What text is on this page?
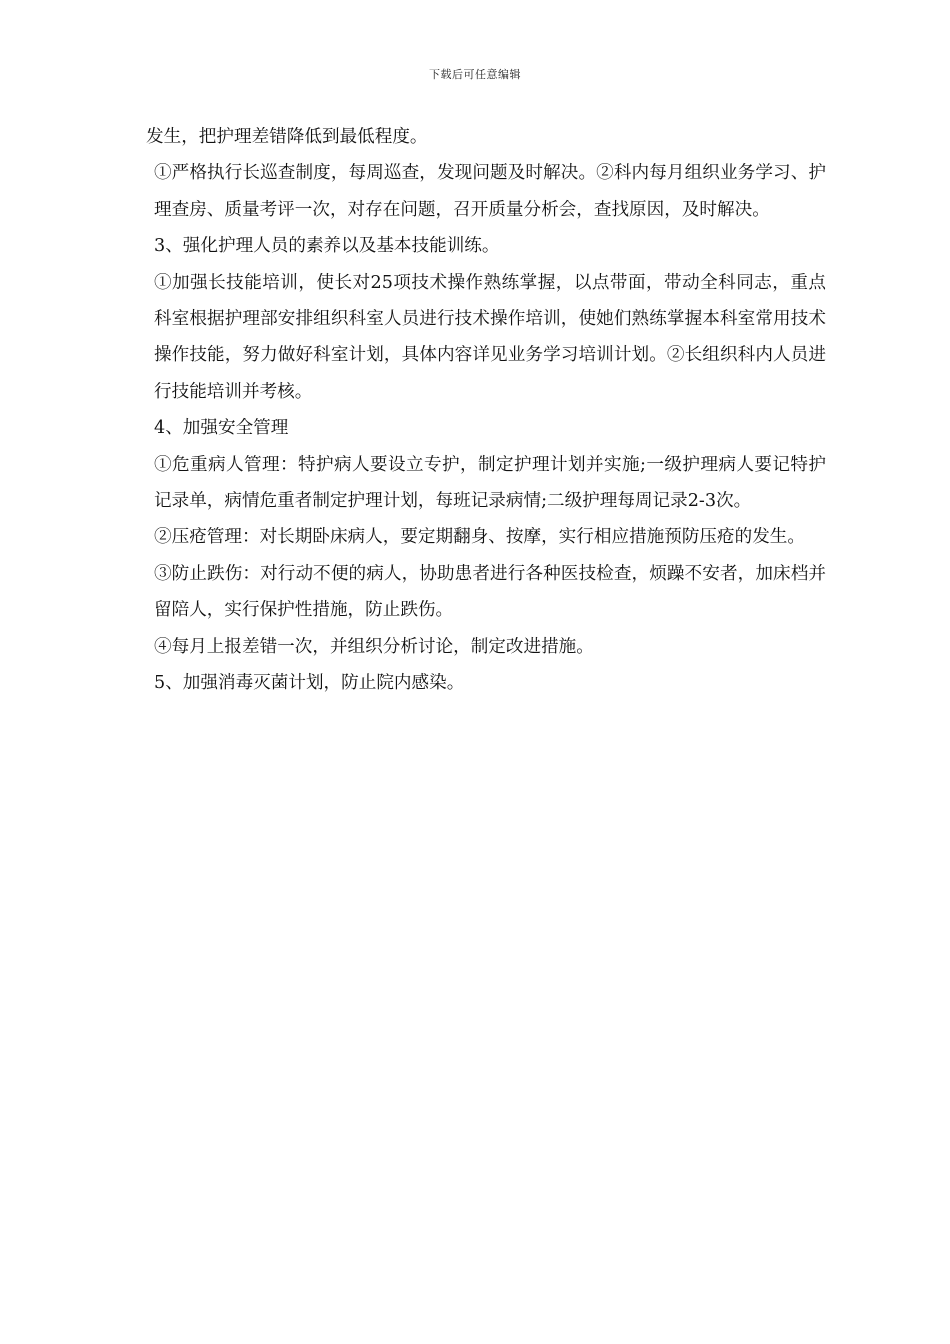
下载后可任意编辑

发生，把护理差错降低到最低程度。

①严格执行长巡查制度，每周巡查，发现问题及时解决。②科内每月组织业务学习、护理查房、质量考评一次，对存在问题，召开质量分析会，查找原因，及时解决。

3、强化护理人员的素养以及基本技能训练。

①加强长技能培训，使长对25项技术操作熟练掌握，以点带面，带动全科同志，重点科室根据护理部安排组织科室人员进行技术操作培训，使她们熟练掌握本科室常用技术操作技能，努力做好科室计划，具体内容详见业务学习培训计划。②长组织科内人员进行技能培训并考核。

4、加强安全管理

①危重病人管理：特护病人要设立专护，制定护理计划并实施;一级护理病人要记特护记录单，病情危重者制定护理计划，每班记录病情;二级护理每周记录2-3次。

②压疮管理：对长期卧床病人，要定期翻身、按摩，实行相应措施预防压疮的发生。

③防止跌伤：对行动不便的病人，协助患者进行各种医技检查，烦躁不安者，加床档并留陪人，实行保护性措施，防止跌伤。

④每月上报差错一次，并组织分析讨论，制定改进措施。

5、加强消毒灭菌计划，防止院内感染。
